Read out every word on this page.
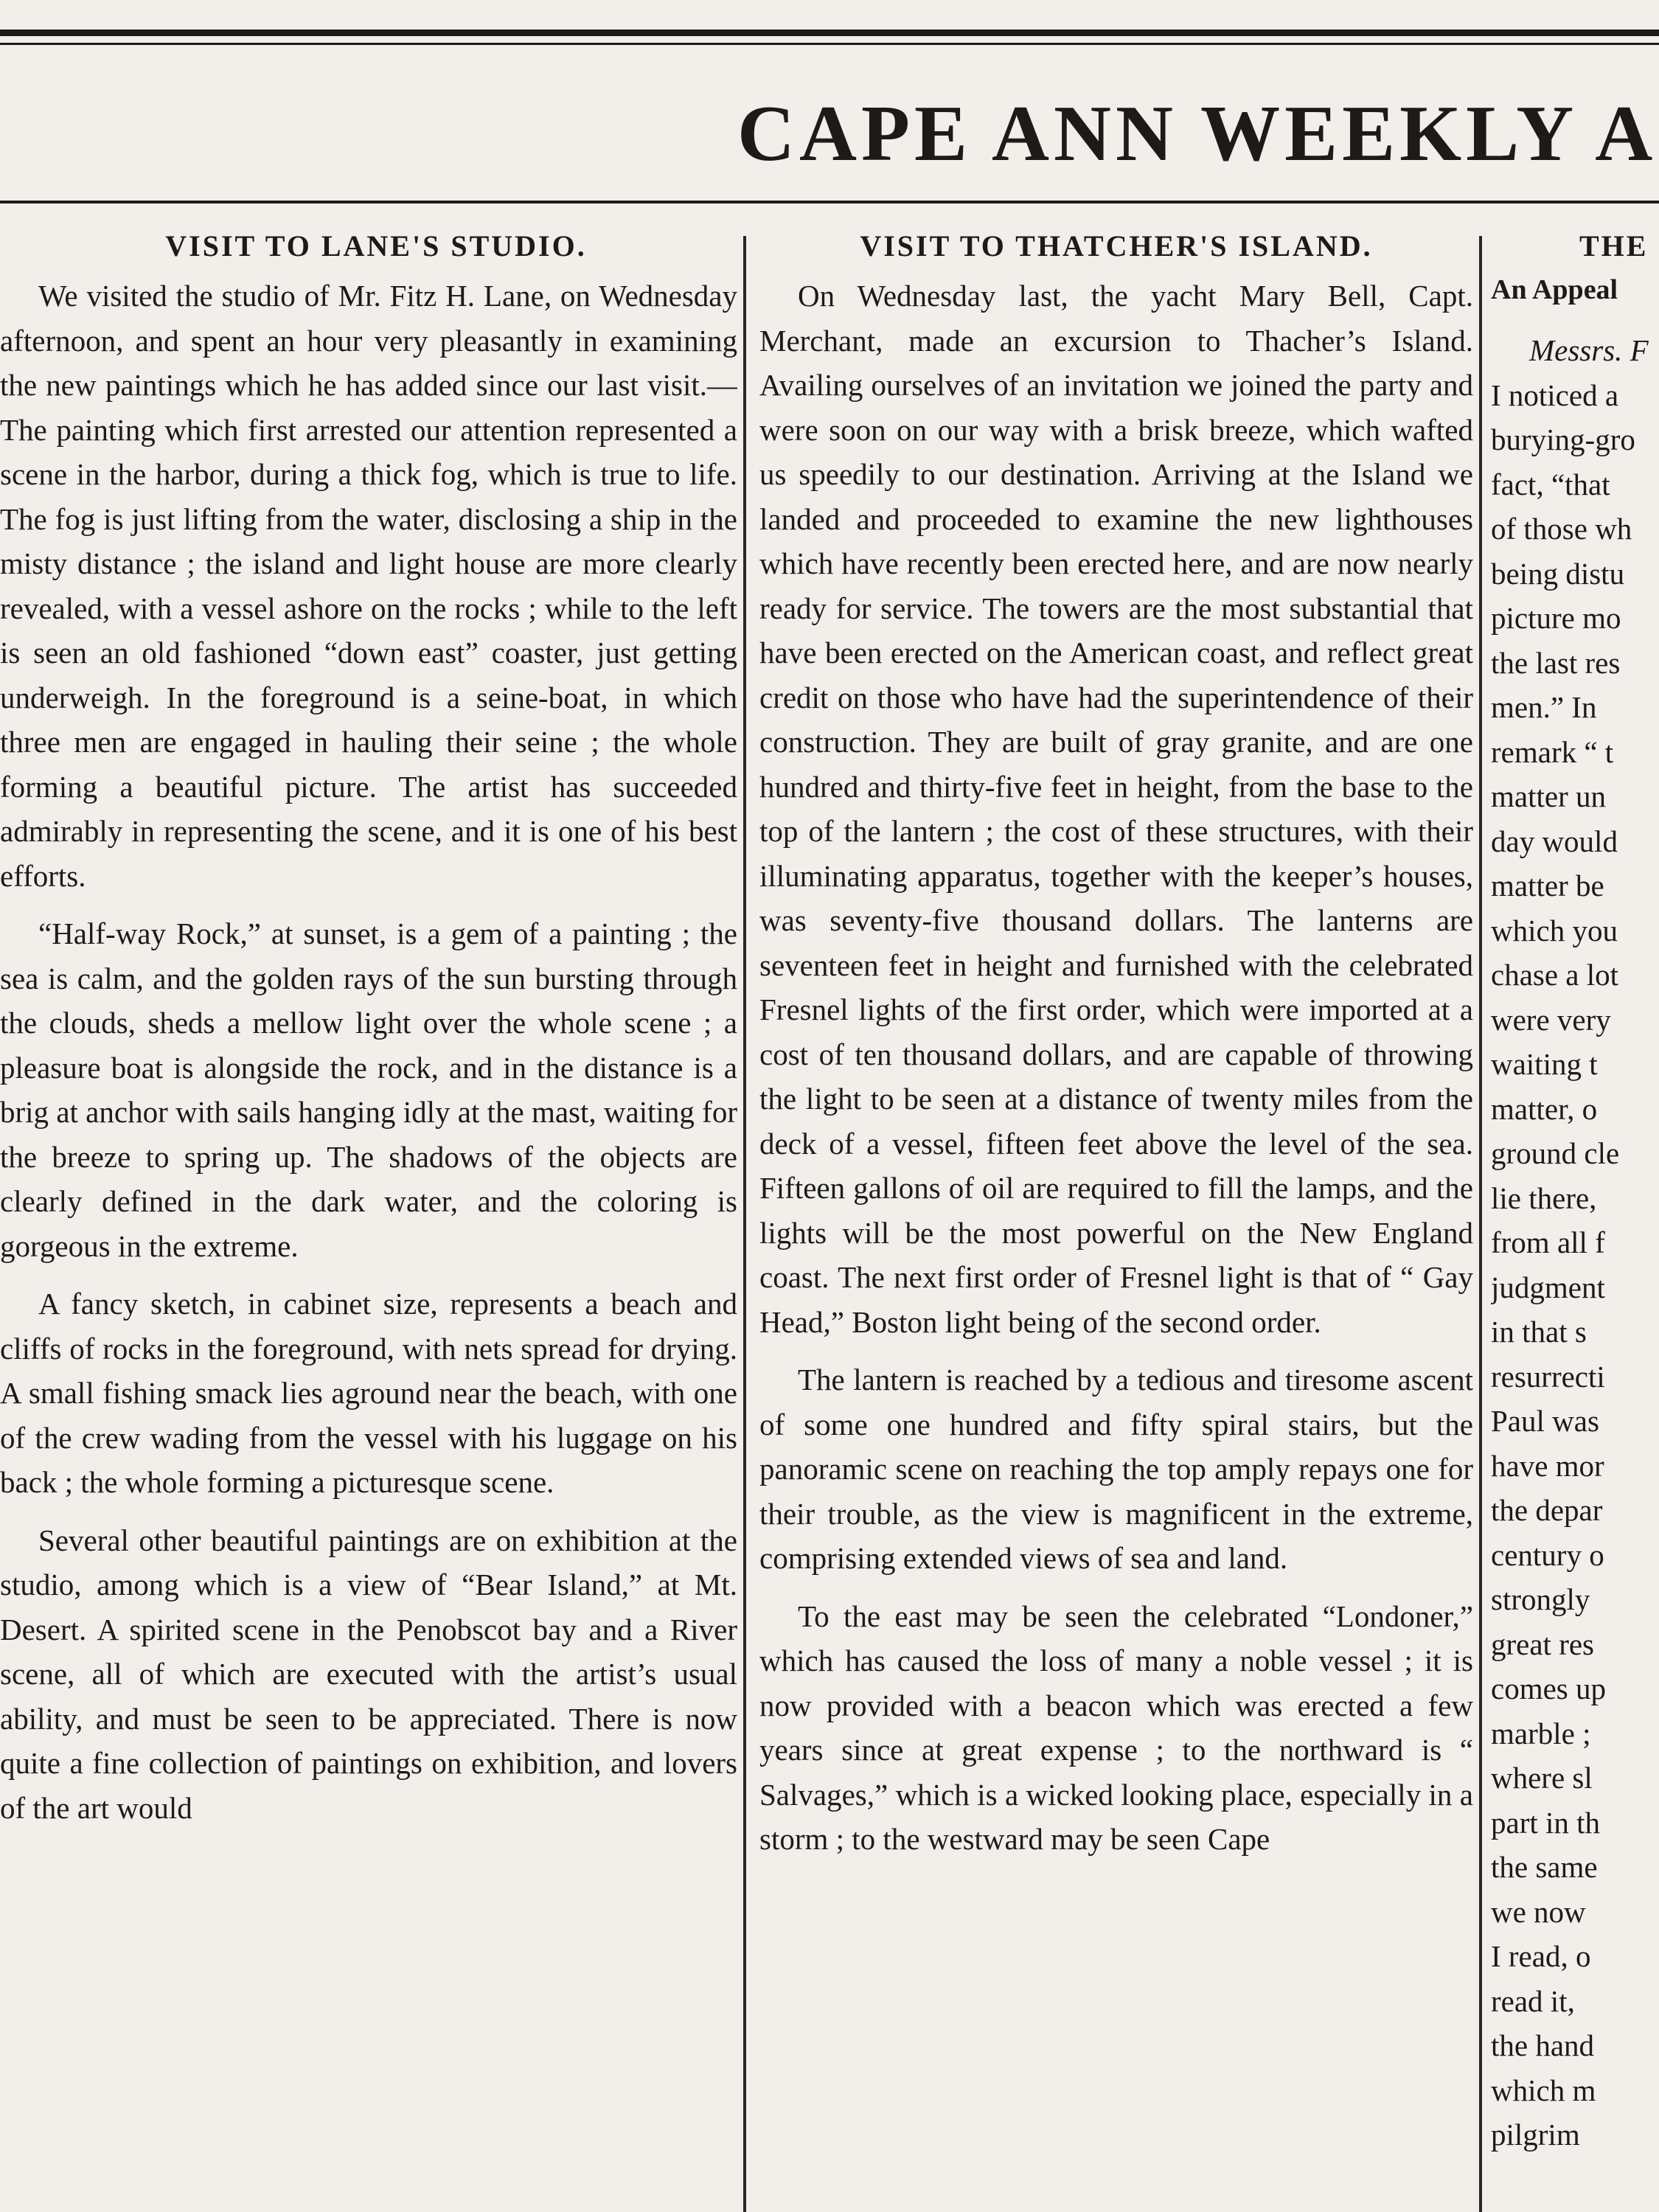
CAPE ANN WEEKLY A
VISIT TO LANE'S STUDIO.

We visited the studio of Mr. Fitz H. Lane, on Wednesday afternoon, and spent an hour very pleasantly in examining the new paintings which he has added since our last visit.— The painting which first arrested our attention represented a scene in the harbor, during a thick fog, which is true to life. The fog is just lifting from the water, disclosing a ship in the misty distance ; the island and light house are more clearly revealed, with a vessel ashore on the rocks ; while to the left is seen an old fashioned “down east” coaster, just getting underweigh. In the foreground is a seine-boat, in which three men are engaged in hauling their seine ; the whole forming a beautiful picture. The artist has succeeded admirably in representing the scene, and it is one of his best efforts.

“Half-way Rock,” at sunset, is a gem of a painting ; the sea is calm, and the golden rays of the sun bursting through the clouds, sheds a mellow light over the whole scene ; a pleasure boat is alongside the rock, and in the distance is a brig at anchor with sails hanging idly at the mast, waiting for the breeze to spring up. The shadows of the objects are clearly defined in the dark water, and the coloring is gorgeous in the extreme.

A fancy sketch, in cabinet size, represents a beach and cliffs of rocks in the foreground, with nets spread for drying. A small fishing smack lies aground near the beach, with one of the crew wading from the vessel with his luggage on his back ; the whole forming a picturesque scene.

Several other beautiful paintings are on exhibition at the studio, among which is a view of “Bear Island,” at Mt. Desert. A spirited scene in the Penobscot bay and a River scene, all of which are executed with the artist’s usual ability, and must be seen to be appreciated. There is now quite a fine collection of paintings on exhibition, and lovers of the art would

VISIT TO THATCHER'S ISLAND.

On Wednesday last, the yacht Mary Bell, Capt. Merchant, made an excursion to Thacher’s Island. Availing ourselves of an invitation we joined the party and were soon on our way with a brisk breeze, which wafted us speedily to our destination. Arriving at the Island we landed and proceeded to examine the new lighthouses which have recently been erected here, and are now nearly ready for service. The towers are the most substantial that have been erected on the American coast, and reflect great credit on those who have had the superintendence of their construction. They are built of gray granite, and are one hundred and thirty-five feet in height, from the base to the top of the lantern ; the cost of these structures, with their illuminating apparatus, together with the keeper’s houses, was seventy-five thousand dollars. The lanterns are seventeen feet in height and furnished with the celebrated Fresnel lights of the first order, which were imported at a cost of ten thousand dollars, and are capable of throwing the light to be seen at a distance of twenty miles from the deck of a vessel, fifteen feet above the level of the sea. Fifteen gallons of oil are required to fill the lamps, and the lights will be the most powerful on the New England coast. The next first order of Fresnel light is that of “ Gay Head,” Boston light being of the second order.

The lantern is reached by a tedious and tiresome ascent of some one hundred and fifty spiral stairs, but the panoramic scene on reaching the top amply repays one for their trouble, as the view is magnificent in the extreme, comprising extended views of sea and land.

To the east may be seen the celebrated “Londoner,” which has caused the loss of many a noble vessel ; it is now provided with a beacon which was erected a few years since at great expense ; to the northward is “ Salvages,” which is a wicked looking place, especially in a storm ; to the westward may be seen Cape

THE
An Appeal
Messrs. F
I noticed a
burying-gro
fact, “that
of those wh
being distu
picture mo
the last res
men.” In
remark “ t
matter un
day would
matter be
which you
chase a lot
were very
waiting t
matter, o
ground cle
lie there,
from all f
judgment
in that s
resurrecti
Paul was
have mor
the depar
century o
strongly
great res
comes up
marble ;
where sl
part in th
the same
we now
I read, o
read it,
the hand
which m
pilgrim
